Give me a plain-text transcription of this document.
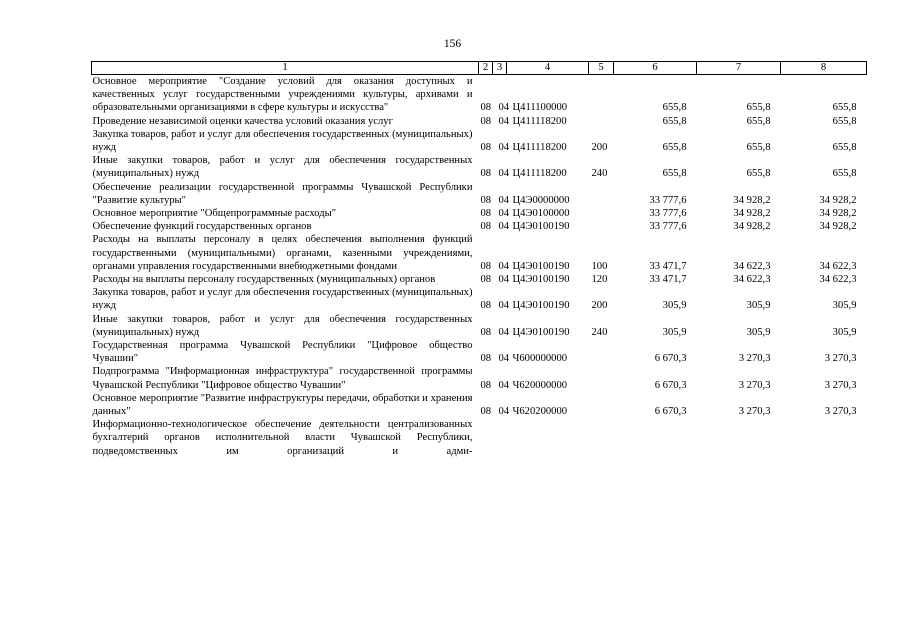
156
1	2	3	4	5	6	7	8
Основное мероприятие "Создание условий для оказания доступных и качественных услуг государственными учреждениями культуры, архивами и образовательными организациями в сфере культуры и искусства"	08	04	Ц411100000		655,8	655,8	655,8
Проведение независимой оценки качества условий оказания услуг	08	04	Ц411118200		655,8	655,8	655,8
Закупка товаров, работ и услуг для обеспечения государственных (муниципальных) нужд	08	04	Ц411118200	200	655,8	655,8	655,8
Иные закупки товаров, работ и услуг для обеспечения государственных (муниципальных) нужд	08	04	Ц411118200	240	655,8	655,8	655,8
Обеспечение реализации государственной программы Чувашской Республики "Развитие культуры"	08	04	Ц4Э0000000		33 777,6	34 928,2	34 928,2
Основное мероприятие "Общепрограммные расходы"	08	04	Ц4Э0100000		33 777,6	34 928,2	34 928,2
Обеспечение функций государственных органов	08	04	Ц4Э0100190		33 777,6	34 928,2	34 928,2
Расходы на выплаты персоналу в целях обеспечения выполнения функций государственными (муниципальными) органами, казенными учреждениями, органами управления государственными внебюджетными фондами	08	04	Ц4Э0100190	100	33 471,7	34 622,3	34 622,3
Расходы на выплаты персоналу государственных (муниципальных) органов	08	04	Ц4Э0100190	120	33 471,7	34 622,3	34 622,3
Закупка товаров, работ и услуг для обеспечения государственных (муниципальных) нужд	08	04	Ц4Э0100190	200	305,9	305,9	305,9
Иные закупки товаров, работ и услуг для обеспечения государственных (муниципальных) нужд	08	04	Ц4Э0100190	240	305,9	305,9	305,9
Государственная программа Чувашской Республики "Цифровое общество Чувашии"	08	04	Ч600000000		6 670,3	3 270,3	3 270,3
Подпрограмма "Информационная инфраструктура" государственной программы Чувашской Республики "Цифровое общество Чувашии"	08	04	Ч620000000		6 670,3	3 270,3	3 270,3
Основное мероприятие "Развитие инфраструктуры передачи, обработки и хранения данных"	08	04	Ч620200000		6 670,3	3 270,3	3 270,3
Информационно-технологическое обеспечение деятельности централизованных бухгалтерий органов исполнительной власти Чувашской Республики, подведомственных им организаций и адми-							
